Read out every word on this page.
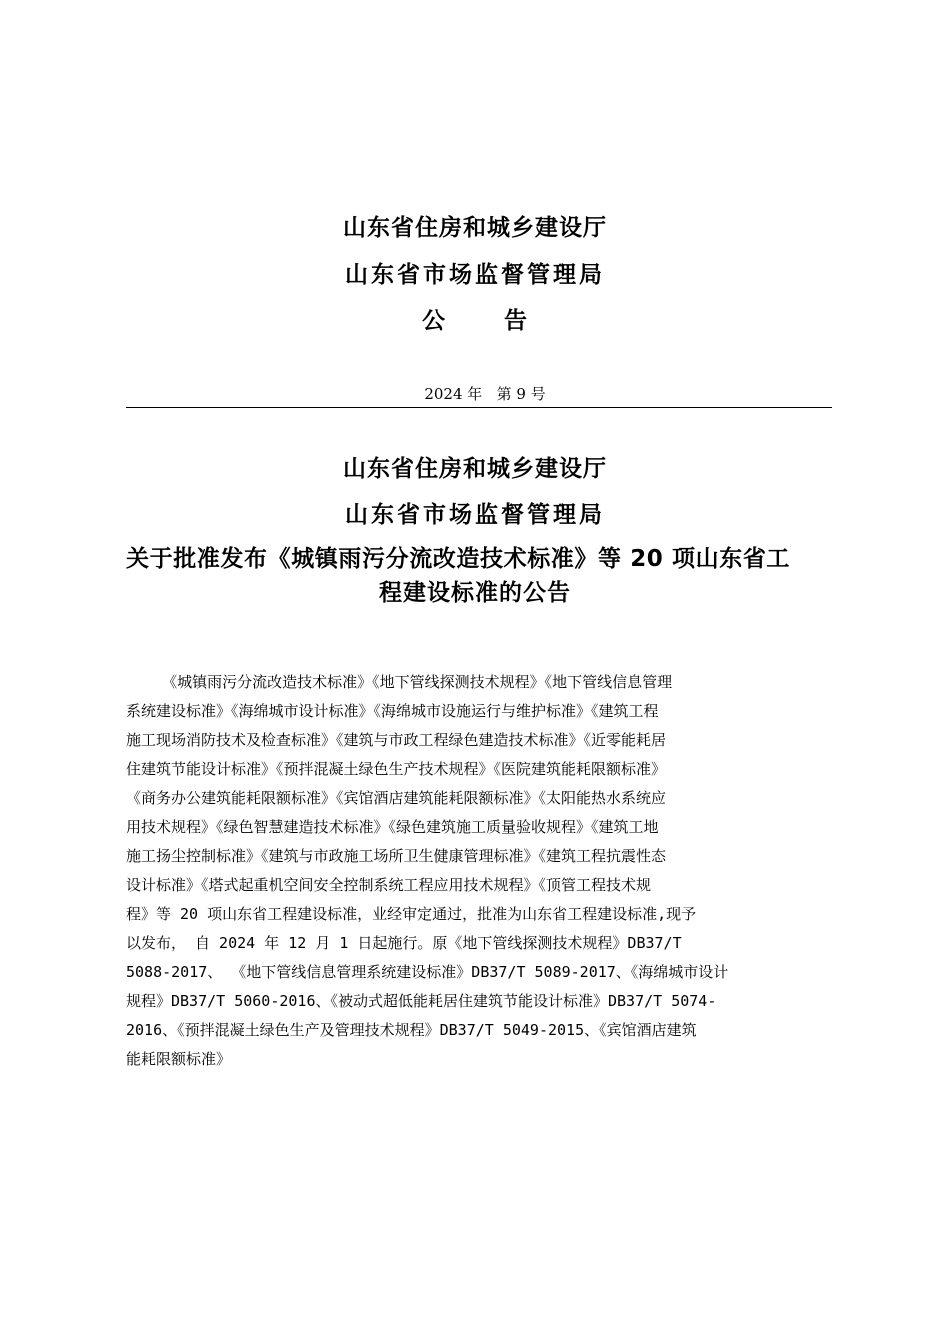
山东省住房和城乡建设厅
山东省市场监督管理局
公	告
2024 年   第 9 号
山东省住房和城乡建设厅
山东省市场监督管理局
关于批准发布《城镇雨污分流改造技术标准》等 20 项山东省工
程建设标准的公告
《城镇雨污分流改造技术标准》《地下管线探测技术规程》《地下管线信息管理
系统建设标准》《海绵城市设计标准》《海绵城市设施运行与维护标准》《建筑工程
施工现场消防技术及检查标准》《建筑与市政工程绿色建造技术标准》《近零能耗居
住建筑节能设计标准》《预拌混凝土绿色生产技术规程》《医院建筑能耗限额标准》
《商务办公建筑能耗限额标准》《宾馆酒店建筑能耗限额标准》《太阳能热水系统应
用技术规程》《绿色智慧建造技术标准》《绿色建筑施工质量验收规程》《建筑工地
施工扬尘控制标准》《建筑与市政施工场所卫生健康管理标准》《建筑工程抗震性态
设计标准》《塔式起重机空间安全控制系统工程应用技术规程》《顶管工程技术规
程》等 20 项山东省工程建设标准，业经审定通过，批准为山东省工程建设标准,现予
以发布， 自 2024 年 12 月 1 日起施行。原《地下管线探测技术规程》DB37/T
5088-2017、 《地下管线信息管理系统建设标准》DB37/T 5089-2017、《海绵城市设计
规程》DB37/T 5060-2016、《被动式超低能耗居住建筑节能设计标准》DB37/T 5074-
2016、《预拌混凝土绿色生产及管理技术规程》DB37/T 5049-2015、《宾馆酒店建筑
能耗限额标准》
